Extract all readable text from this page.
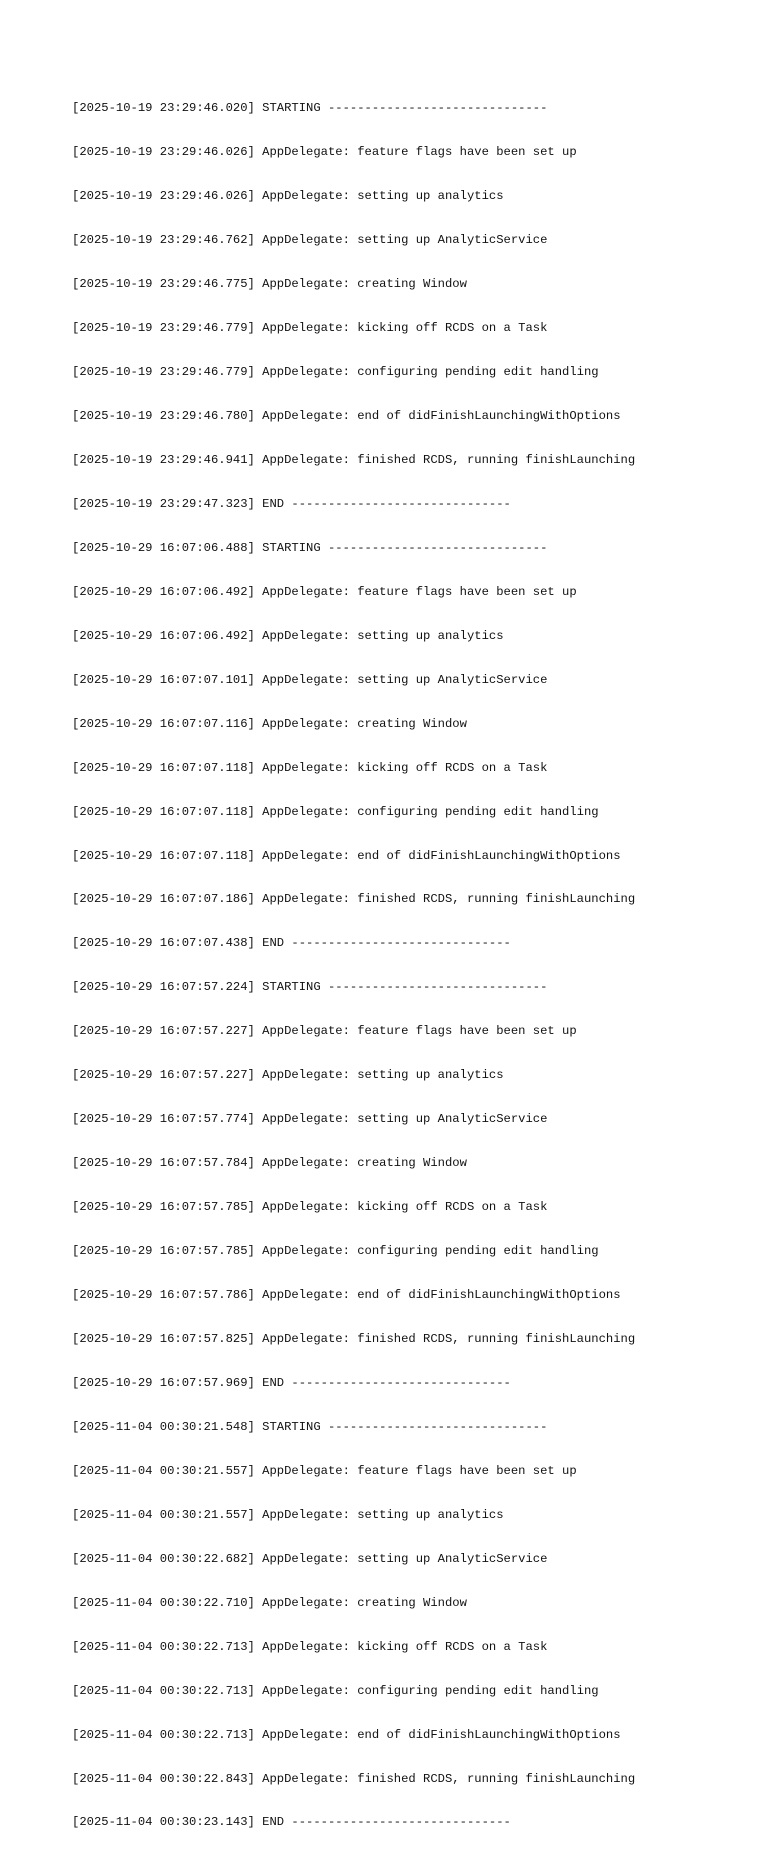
[2025-10-19 23:29:46.020] STARTING ------------------------------

[2025-10-19 23:29:46.026] AppDelegate: feature flags have been set up

[2025-10-19 23:29:46.026] AppDelegate: setting up analytics

[2025-10-19 23:29:46.762] AppDelegate: setting up AnalyticService

[2025-10-19 23:29:46.775] AppDelegate: creating Window

[2025-10-19 23:29:46.779] AppDelegate: kicking off RCDS on a Task

[2025-10-19 23:29:46.779] AppDelegate: configuring pending edit handling

[2025-10-19 23:29:46.780] AppDelegate: end of didFinishLaunchingWithOptions

[2025-10-19 23:29:46.941] AppDelegate: finished RCDS, running finishLaunching

[2025-10-19 23:29:47.323] END ------------------------------

[2025-10-29 16:07:06.488] STARTING ------------------------------

[2025-10-29 16:07:06.492] AppDelegate: feature flags have been set up

[2025-10-29 16:07:06.492] AppDelegate: setting up analytics

[2025-10-29 16:07:07.101] AppDelegate: setting up AnalyticService

[2025-10-29 16:07:07.116] AppDelegate: creating Window

[2025-10-29 16:07:07.118] AppDelegate: kicking off RCDS on a Task

[2025-10-29 16:07:07.118] AppDelegate: configuring pending edit handling

[2025-10-29 16:07:07.118] AppDelegate: end of didFinishLaunchingWithOptions

[2025-10-29 16:07:07.186] AppDelegate: finished RCDS, running finishLaunching

[2025-10-29 16:07:07.438] END ------------------------------

[2025-10-29 16:07:57.224] STARTING ------------------------------

[2025-10-29 16:07:57.227] AppDelegate: feature flags have been set up

[2025-10-29 16:07:57.227] AppDelegate: setting up analytics

[2025-10-29 16:07:57.774] AppDelegate: setting up AnalyticService

[2025-10-29 16:07:57.784] AppDelegate: creating Window

[2025-10-29 16:07:57.785] AppDelegate: kicking off RCDS on a Task

[2025-10-29 16:07:57.785] AppDelegate: configuring pending edit handling

[2025-10-29 16:07:57.786] AppDelegate: end of didFinishLaunchingWithOptions

[2025-10-29 16:07:57.825] AppDelegate: finished RCDS, running finishLaunching

[2025-10-29 16:07:57.969] END ------------------------------

[2025-11-04 00:30:21.548] STARTING ------------------------------

[2025-11-04 00:30:21.557] AppDelegate: feature flags have been set up

[2025-11-04 00:30:21.557] AppDelegate: setting up analytics

[2025-11-04 00:30:22.682] AppDelegate: setting up AnalyticService

[2025-11-04 00:30:22.710] AppDelegate: creating Window

[2025-11-04 00:30:22.713] AppDelegate: kicking off RCDS on a Task

[2025-11-04 00:30:22.713] AppDelegate: configuring pending edit handling

[2025-11-04 00:30:22.713] AppDelegate: end of didFinishLaunchingWithOptions

[2025-11-04 00:30:22.843] AppDelegate: finished RCDS, running finishLaunching

[2025-11-04 00:30:23.143] END ------------------------------
